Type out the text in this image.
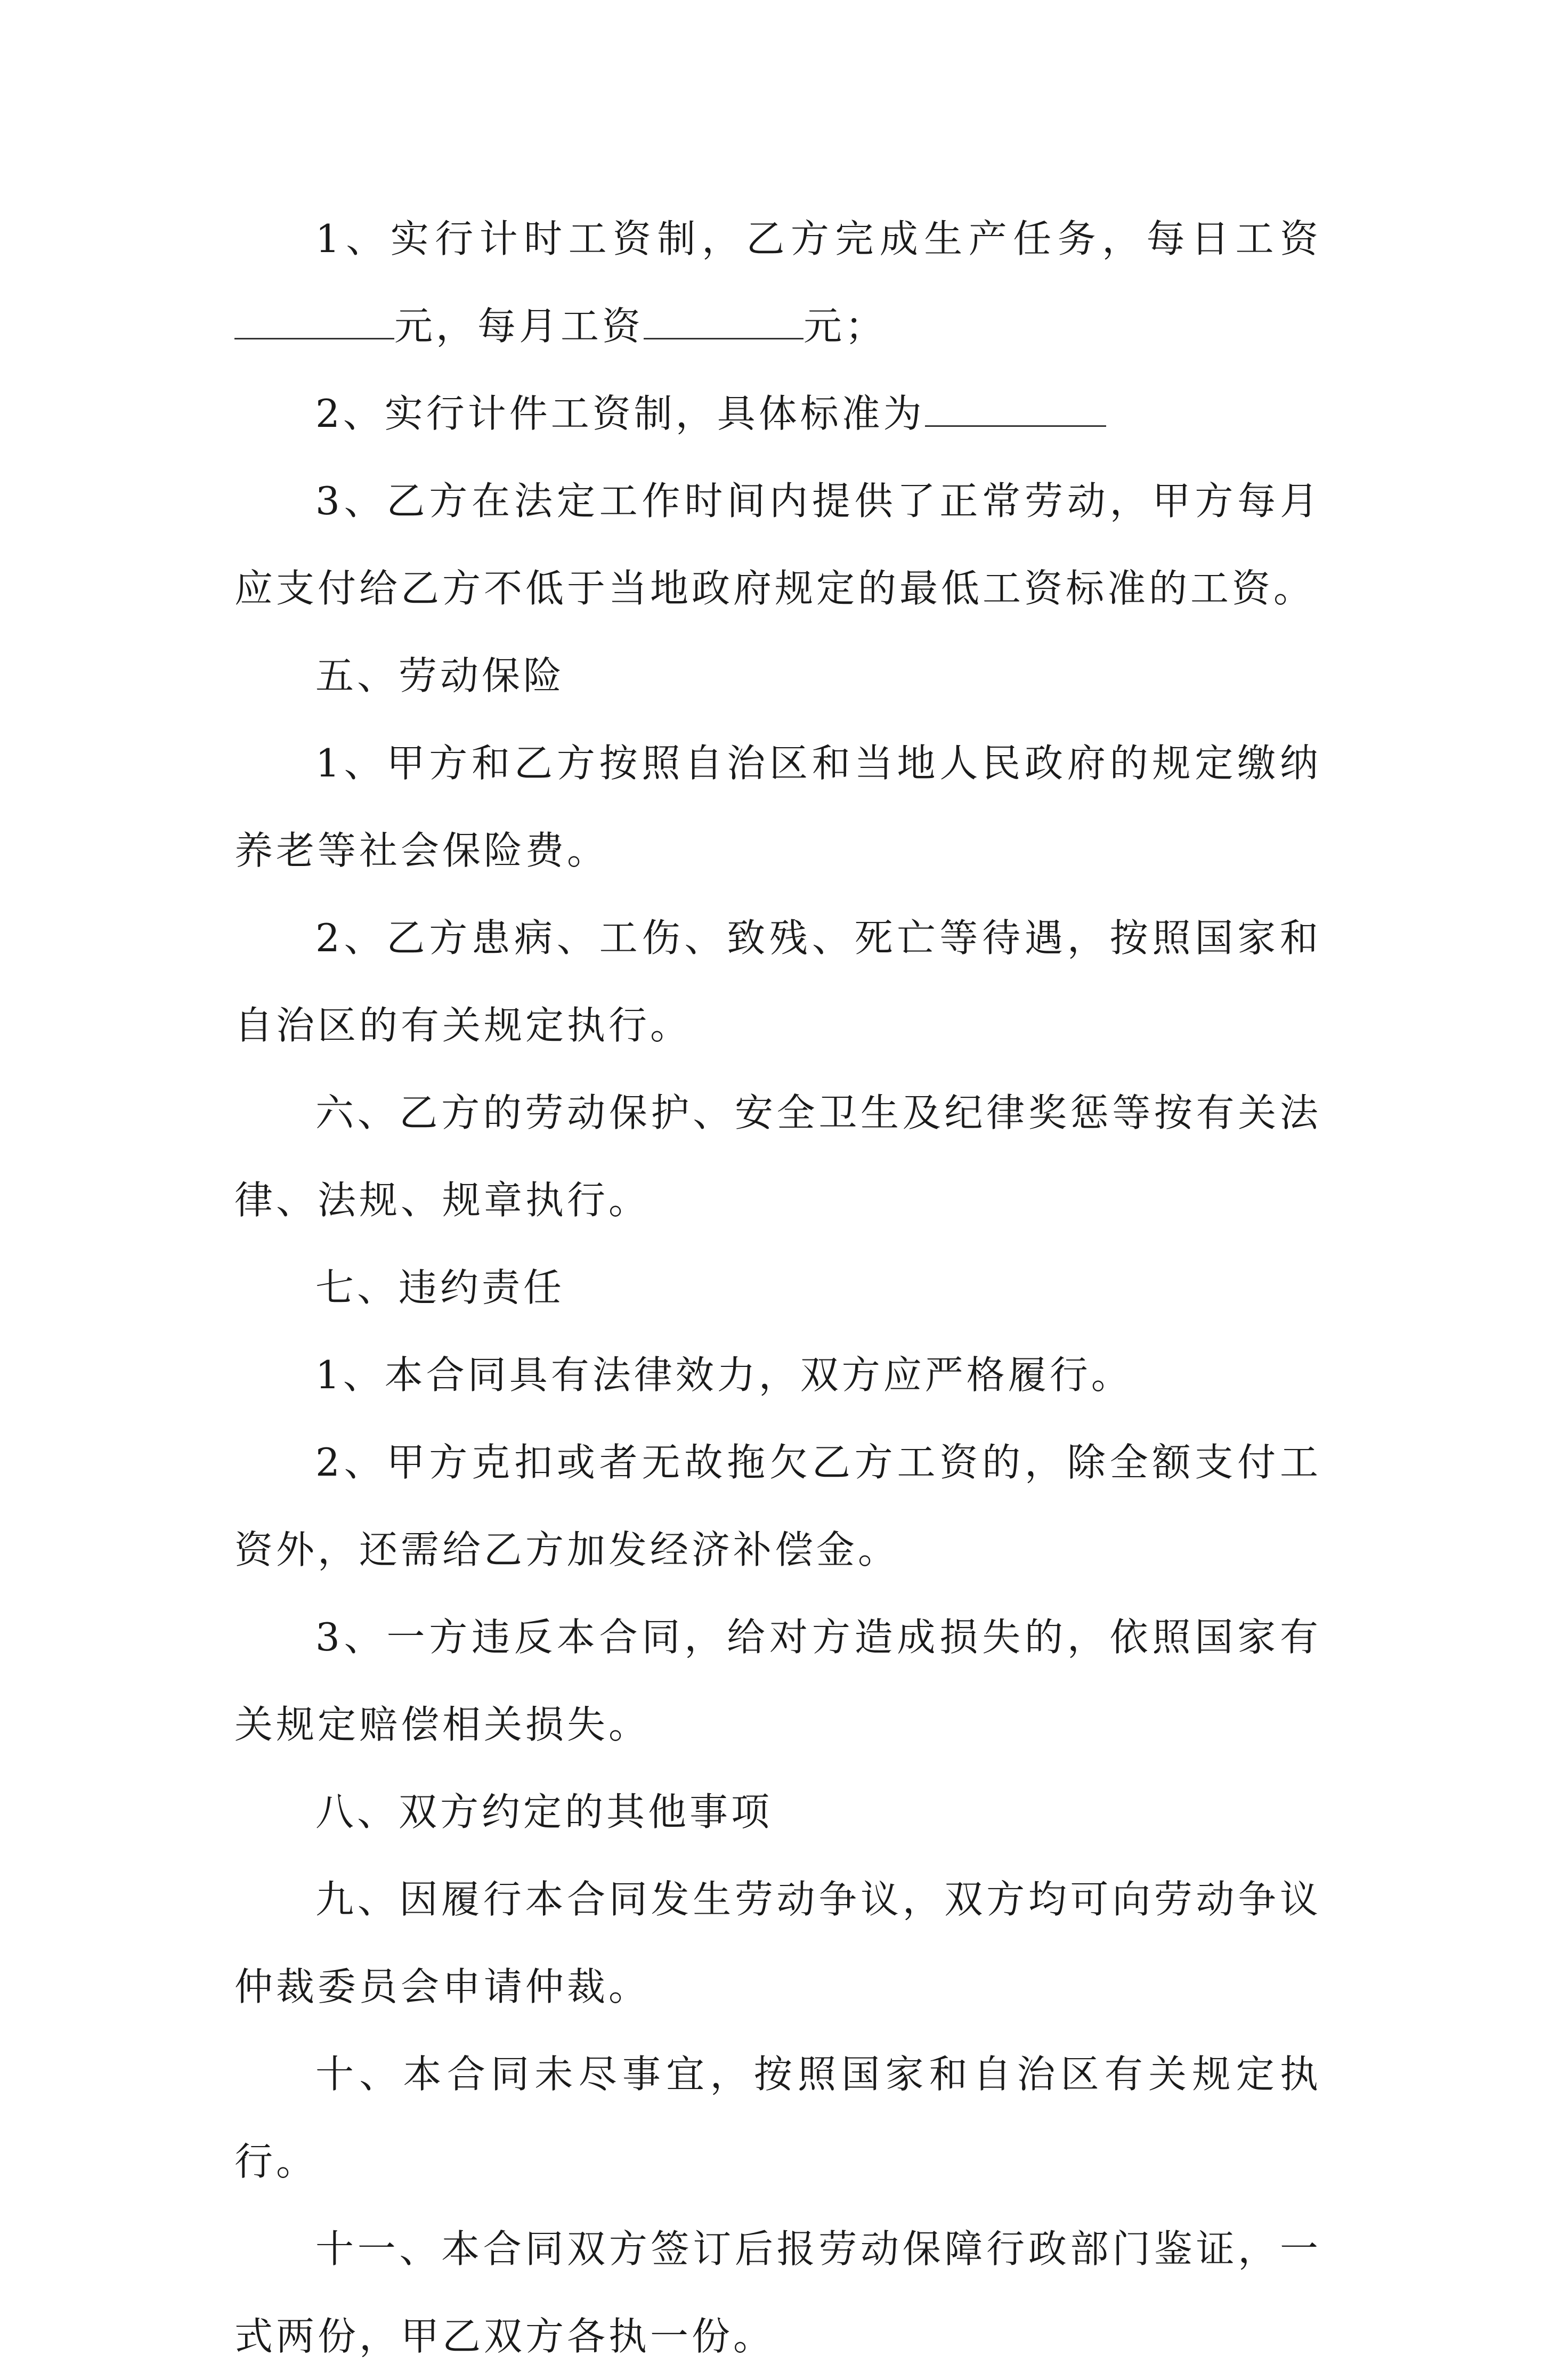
1、实行计时工资制，乙方完成生产任务，每日工资元，每月工资	元；

2、实行计件工资制，具体标准为

3、乙方在法定工作时间内提供了正常劳动，甲方每月应支付给乙方不低于当地政府规定的最低工资标准的工资。

五、劳动保险

1、甲方和乙方按照自治区和当地人民政府的规定缴纳养老等社会保险费。

2、乙方患病、工伤、致残、死亡等待遇，按照国家和自治区的有关规定执行。

六、乙方的劳动保护、安全卫生及纪律奖惩等按有关法律、法规、规章执行。

七、违约责任

1、本合同具有法律效力，双方应严格履行。

2、甲方克扣或者无故拖欠乙方工资的，除全额支付工资外，还需给乙方加发经济补偿金。

3、一方违反本合同，给对方造成损失的，依照国家有关规定赔偿相关损失。

八、双方约定的其他事项

九、因履行本合同发生劳动争议，双方均可向劳动争议仲裁委员会申请仲裁。

十、本合同未尽事宜，按照国家和自治区有关规定执行。

十一、本合同双方签订后报劳动保障行政部门鉴证，一式两份，甲乙双方各执一份。
